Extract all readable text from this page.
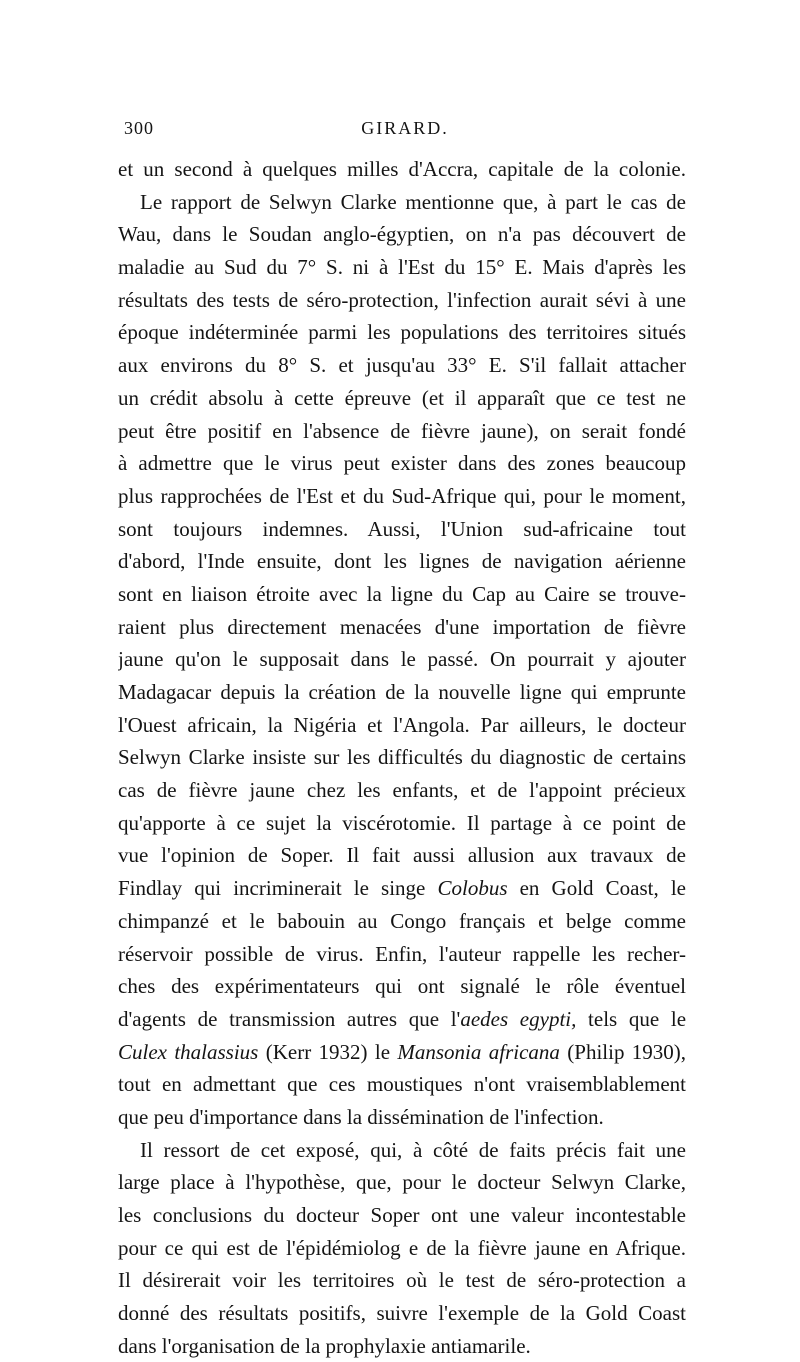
300	GIRARD.
et un second à quelques milles d'Accra, capitale de la colonie.
Le rapport de Selwyn Clarke mentionne que, à part le cas de
Wau, dans le Soudan anglo-égyptien, on n'a pas découvert de
maladie au Sud du 7° S. ni à l'Est du 15° E. Mais d'après les
résultats des tests de séro-protection, l'infection aurait sévi à une
époque indéterminée parmi les populations des territoires situés
aux environs du 8° S. et jusqu'au 33° E. S'il fallait attacher
un crédit absolu à cette épreuve (et il apparaît que ce test ne
peut être positif en l'absence de fièvre jaune), on serait fondé
à admettre que le virus peut exister dans des zones beaucoup
plus rapprochées de l'Est et du Sud-Afrique qui, pour le moment,
sont toujours indemnes. Aussi, l'Union sud-africaine tout
d'abord, l'Inde ensuite, dont les lignes de navigation aérienne
sont en liaison étroite avec la ligne du Cap au Caire se trouve-
raient plus directement menacées d'une importation de fièvre
jaune qu'on le supposait dans le passé. On pourrait y ajouter
Madagacar depuis la création de la nouvelle ligne qui emprunte
l'Ouest africain, la Nigéria et l'Angola. Par ailleurs, le docteur
Selwyn Clarke insiste sur les difficultés du diagnostic de certains
cas de fièvre jaune chez les enfants, et de l'appoint précieux
qu'apporte à ce sujet la viscérotomie. Il partage à ce point de
vue l'opinion de Soper. Il fait aussi allusion aux travaux de
Findlay qui incriminerait le singe Colobus en Gold Coast, le
chimpanzé et le babouin au Congo français et belge comme
réservoir possible de virus. Enfin, l'auteur rappelle les recher-
ches des expérimentateurs qui ont signalé le rôle éventuel
d'agents de transmission autres que l'aedes egypti, tels que le
Culex thalassius (Kerr 1932) le Mansonia africana (Philip 1930),
tout en admettant que ces moustiques n'ont vraisemblablement
que peu d'importance dans la dissémination de l'infection.
Il ressort de cet exposé, qui, à côté de faits précis fait une
large place à l'hypothèse, que, pour le docteur Selwyn Clarke,
les conclusions du docteur Soper ont une valeur incontestable
pour ce qui est de l'épidémiolog e de la fièvre jaune en Afrique.
Il désirerait voir les territoires où le test de séro-protection a
donné des résultats positifs, suivre l'exemple de la Gold Coast
dans l'organisation de la prophylaxie antiamarile.
